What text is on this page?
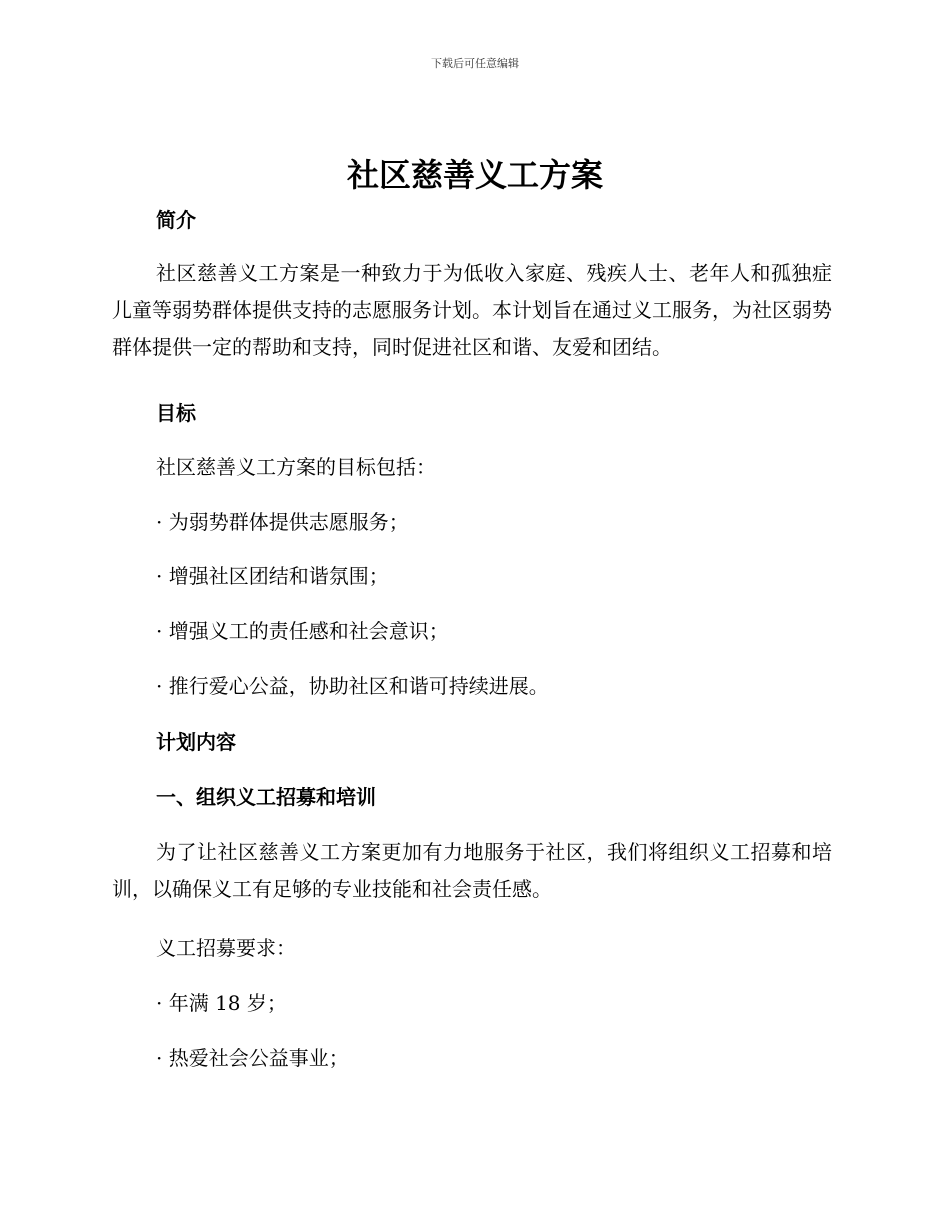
下载后可任意编辑
社区慈善义工方案

简介

社区慈善义工方案是一种致力于为低收入家庭、残疾人士、老年人和孤独症儿童等弱势群体提供支持的志愿服务计划。本计划旨在通过义工服务，为社区弱势群体提供一定的帮助和支持，同时促进社区和谐、友爱和团结。

目标

社区慈善义工方案的目标包括：

· 为弱势群体提供志愿服务；

· 增强社区团结和谐氛围；

· 增强义工的责任感和社会意识；

· 推行爱心公益，协助社区和谐可持续进展。

计划内容

一、组织义工招募和培训

为了让社区慈善义工方案更加有力地服务于社区，我们将组织义工招募和培训，以确保义工有足够的专业技能和社会责任感。

义工招募要求：

· 年满 18 岁；

· 热爱社会公益事业；
